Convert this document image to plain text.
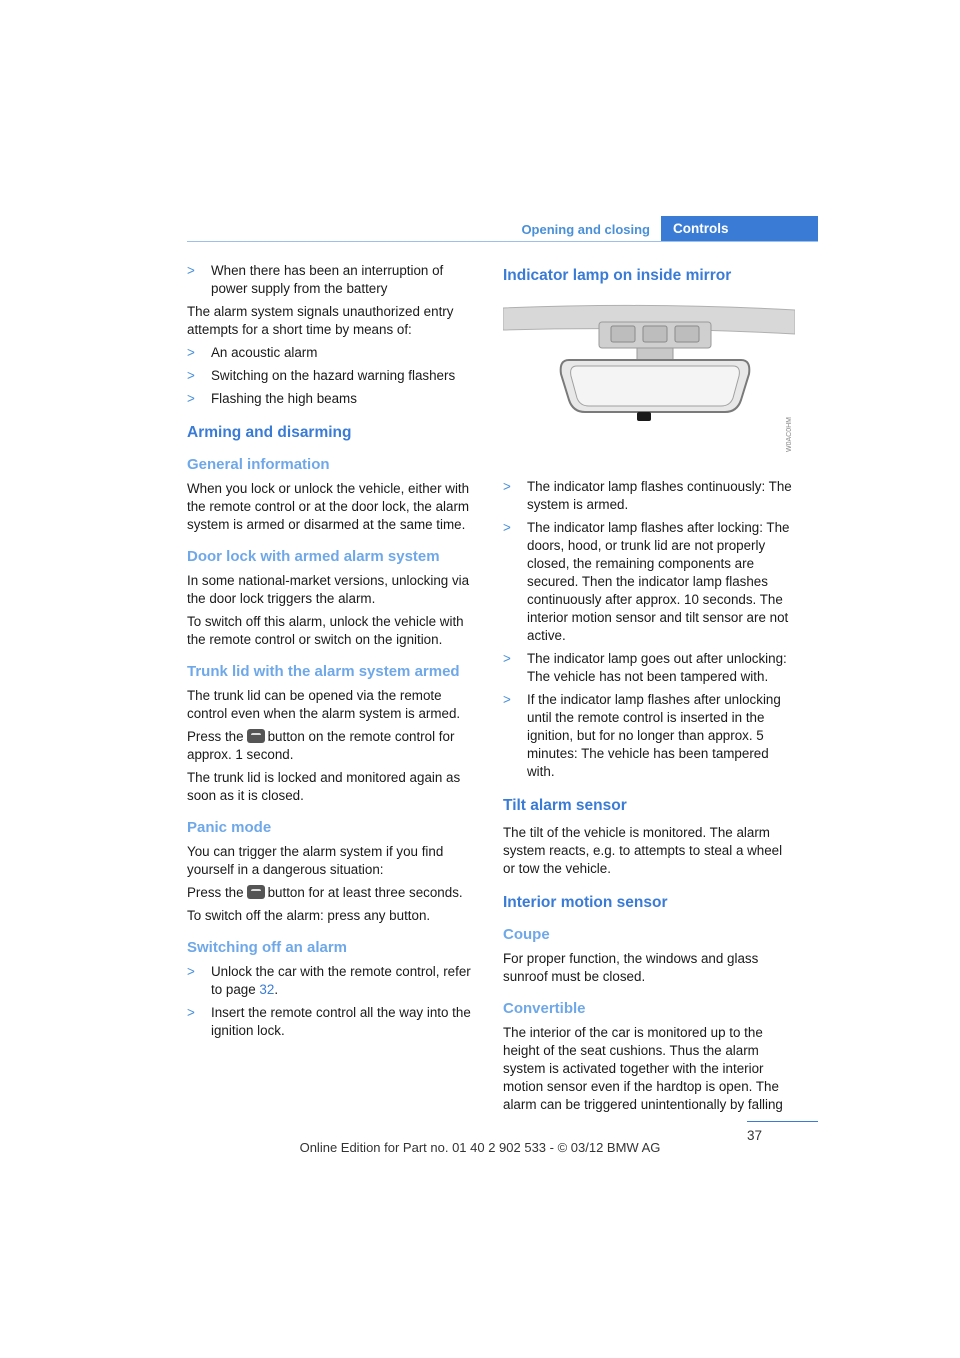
Opening and closing	Controls
> When there has been an interruption of power supply from the battery

The alarm system signals unauthorized entry attempts for a short time by means of:

> An acoustic alarm
> Switching on the hazard warning flashers
> Flashing the high beams
Arming and disarming
General information

When you lock or unlock the vehicle, either with the remote control or at the door lock, the alarm system is armed or disarmed at the same time.

Door lock with armed alarm system

In some national-market versions, unlocking via the door lock triggers the alarm.

To switch off this alarm, unlock the vehicle with the remote control or switch on the ignition.

Trunk lid with the alarm system armed

The trunk lid can be opened via the remote control even when the alarm system is armed.

Press the button on the remote control for approx. 1 second.

The trunk lid is locked and monitored again as soon as it is closed.

Panic mode

You can trigger the alarm system if you find yourself in a dangerous situation:

Press the button for at least three seconds.

To switch off the alarm: press any button.

Switching off an alarm
> Unlock the car with the remote control, refer to page 32.
> Insert the remote control all the way into the ignition lock.
Indicator lamp on inside mirror
W0AC0HM
> The indicator lamp flashes continuously: The system is armed.
> The indicator lamp flashes after locking: The doors, hood, or trunk lid are not properly closed, the remaining components are secured. Then the indicator lamp flashes continuously after approx. 10 seconds. The interior motion sensor and tilt sensor are not active.
> The indicator lamp goes out after unlocking: The vehicle has not been tampered with.
> If the indicator lamp flashes after unlocking until the remote control is inserted in the ignition, but for no longer than approx. 5 minutes: The vehicle has been tampered with.
Tilt alarm sensor

The tilt of the vehicle is monitored. The alarm system reacts, e.g. to attempts to steal a wheel or tow the vehicle.

Interior motion sensor
Coupe

For proper function, the windows and glass sunroof must be closed.

Convertible

The interior of the car is monitored up to the height of the seat cushions. Thus the alarm system is activated together with the interior motion sensor even if the hardtop is open. The alarm can be triggered unintentionally by falling

37
Online Edition for Part no. 01 40 2 902 533 - © 03/12 BMW AG
